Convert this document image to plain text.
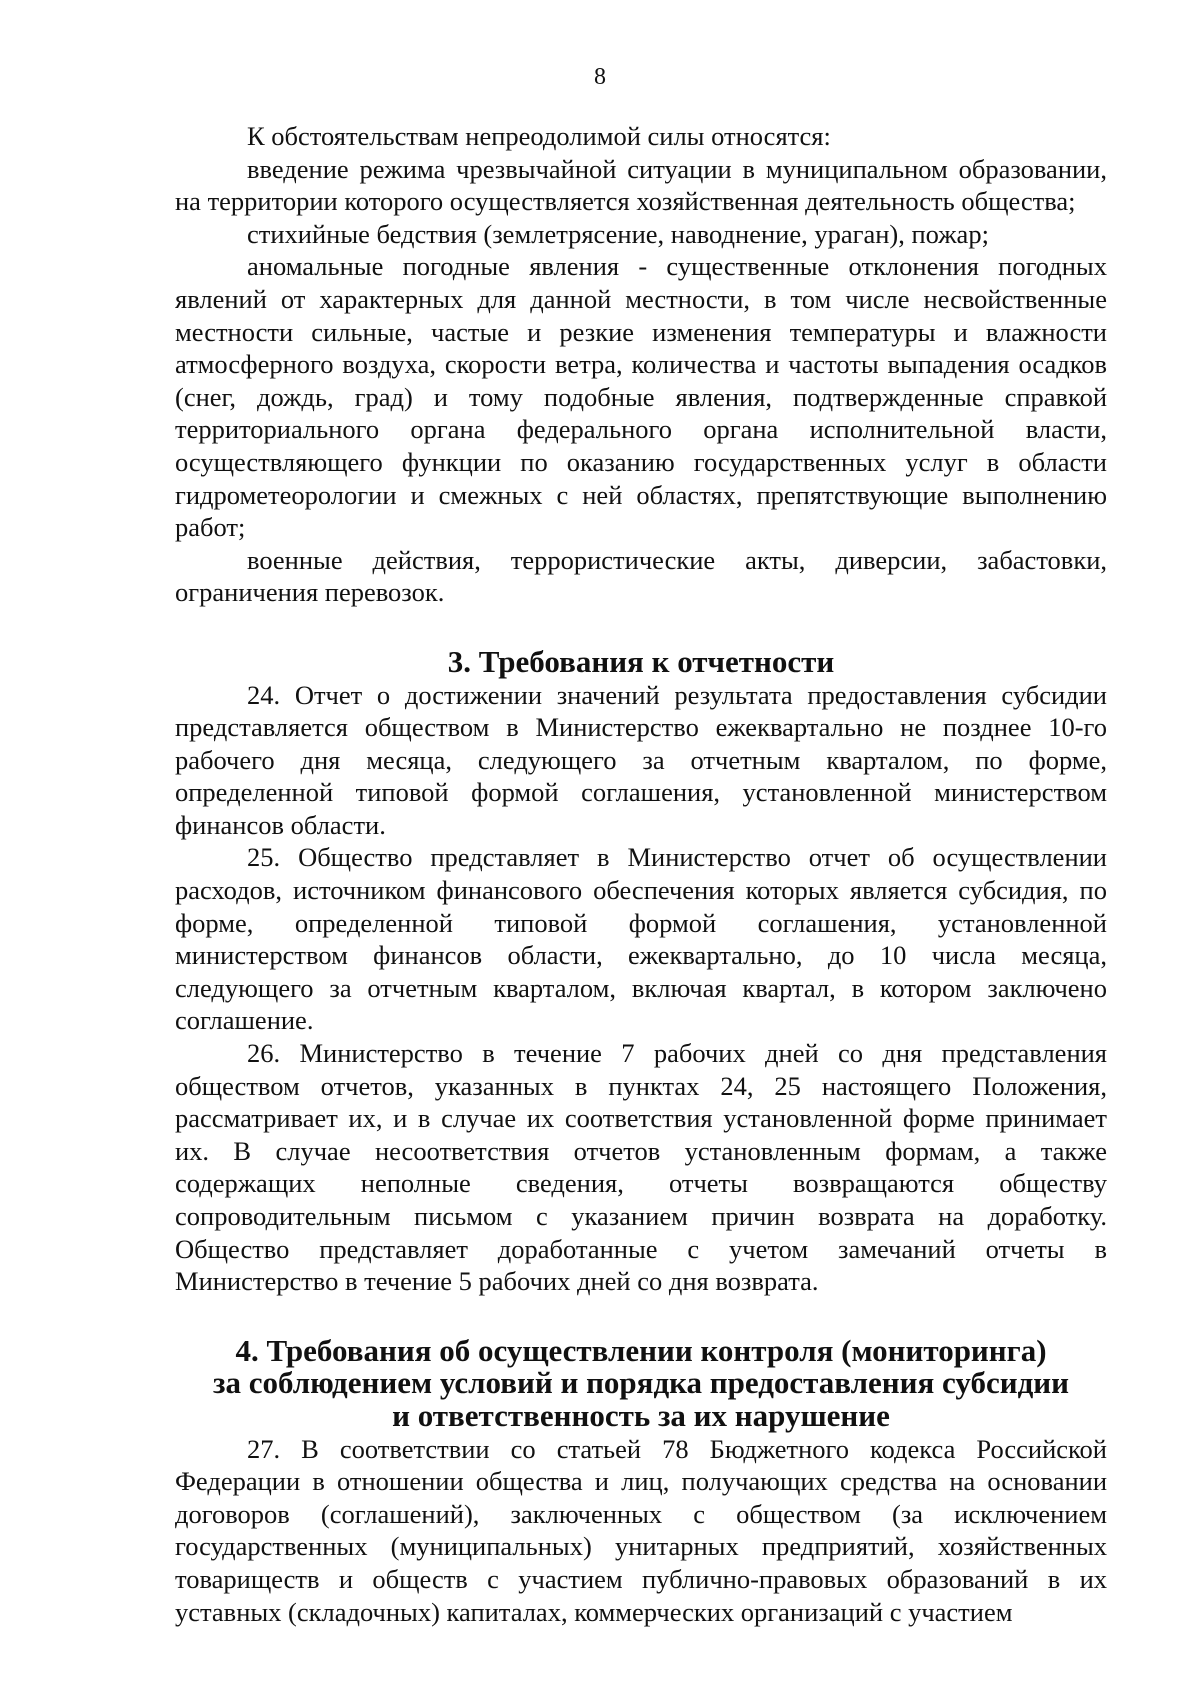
8

К обстоятельствам непреодолимой силы относятся:

введение режима чрезвычайной ситуации в муниципальном образовании, на территории которого осуществляется хозяйственная деятельность общества;

стихийные бедствия (землетрясение, наводнение, ураган), пожар;

аномальные погодные явления - существенные отклонения погодных явлений от характерных для данной местности, в том числе несвойственные местности сильные, частые и резкие изменения температуры и влажности атмосферного воздуха, скорости ветра, количества и частоты выпадения осадков (снег, дождь, град) и тому подобные явления, подтвержденные справкой территориального органа федерального органа исполнительной власти, осуществляющего функции по оказанию государственных услуг в области гидрометеорологии и смежных с ней областях, препятствующие выполнению работ;

военные действия, террористические акты, диверсии, забастовки, ограничения перевозок.

3. Требования к отчетности

24. Отчет о достижении значений результата предоставления субсидии представляется обществом в Министерство ежеквартально не позднее 10-го рабочего дня месяца, следующего за отчетным кварталом, по форме, определенной типовой формой соглашения, установленной министерством финансов области.

25. Общество представляет в Министерство отчет об осуществлении расходов, источником финансового обеспечения которых является субсидия, по форме, определенной типовой формой соглашения, установленной министерством финансов области, ежеквартально, до 10 числа месяца, следующего за отчетным кварталом, включая квартал, в котором заключено соглашение.

26. Министерство в течение 7 рабочих дней со дня представления обществом отчетов, указанных в пунктах 24, 25 настоящего Положения, рассматривает их, и в случае их соответствия установленной форме принимает их. В случае несоответствия отчетов установленным формам, а также содержащих неполные сведения, отчеты возвращаются обществу сопроводительным письмом с указанием причин возврата на доработку. Общество представляет доработанные с учетом замечаний отчеты в Министерство в течение 5 рабочих дней со дня возврата.

4. Требования об осуществлении контроля (мониторинга)
за соблюдением условий и порядка предоставления субсидии
и ответственность за их нарушение

27. В соответствии со статьей 78 Бюджетного кодекса Российской Федерации в отношении общества и лиц, получающих средства на основании договоров (соглашений), заключенных с обществом (за исключением государственных (муниципальных) унитарных предприятий, хозяйственных товариществ и обществ с участием публично-правовых образований в их уставных (складочных) капиталах, коммерческих организаций с участием
